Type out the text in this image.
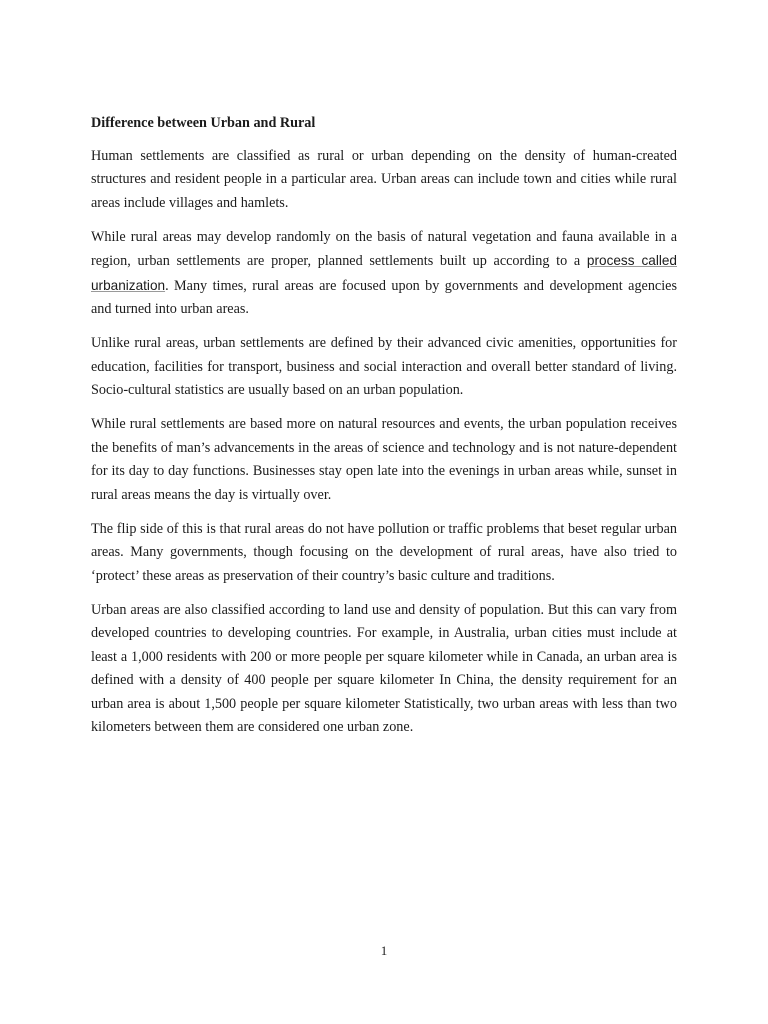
Difference between Urban and Rural

Human settlements are classified as rural or urban depending on the density of human-created structures and resident people in a particular area. Urban areas can include town and cities while rural areas include villages and hamlets.

While rural areas may develop randomly on the basis of natural vegetation and fauna available in a region, urban settlements are proper, planned settlements built up according to a process called urbanization. Many times, rural areas are focused upon by governments and development agencies and turned into urban areas.

Unlike rural areas, urban settlements are defined by their advanced civic amenities, opportunities for education, facilities for transport, business and social interaction and overall better standard of living. Socio-cultural statistics are usually based on an urban population.

While rural settlements are based more on natural resources and events, the urban population receives the benefits of man’s advancements in the areas of science and technology and is not nature-dependent for its day to day functions. Businesses stay open late into the evenings in urban areas while, sunset in rural areas means the day is virtually over.

The flip side of this is that rural areas do not have pollution or traffic problems that beset regular urban areas. Many governments, though focusing on the development of rural areas, have also tried to ‘protect’ these areas as preservation of their country’s basic culture and traditions.

Urban areas are also classified according to land use and density of population. But this can vary from developed countries to developing countries. For example, in Australia, urban cities must include at least a 1,000 residents with 200 or more people per square kilometer while in Canada, an urban area is defined with a density of 400 people per square kilometer In China, the density requirement for an urban area is about 1,500 people per square kilometer Statistically, two urban areas with less than two kilometers between them are considered one urban zone.

1
